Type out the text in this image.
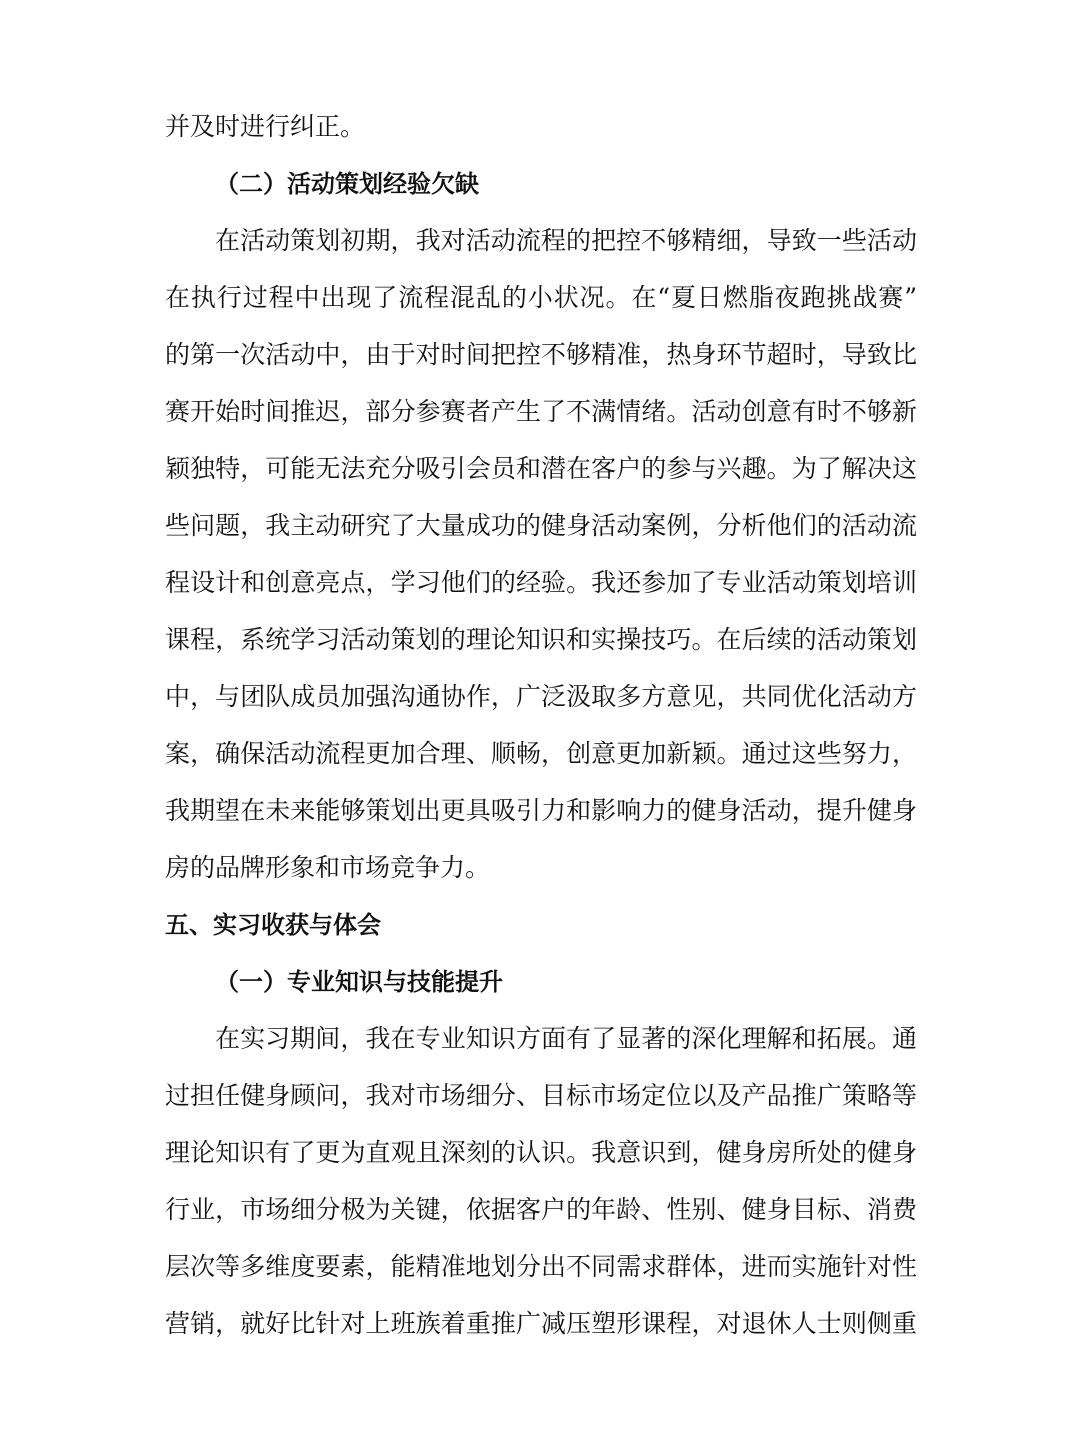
并及时进行纠正。
（二）活动策划经验欠缺
在活动策划初期，我对活动流程的把控不够精细，导致一些活动
在执行过程中出现了流程混乱的小状况。在“夏日燃脂夜跑挑战赛”
的第一次活动中，由于对时间把控不够精准，热身环节超时，导致比
赛开始时间推迟，部分参赛者产生了不满情绪。活动创意有时不够新
颖独特，可能无法充分吸引会员和潜在客户的参与兴趣。为了解决这
些问题，我主动研究了大量成功的健身活动案例，分析他们的活动流
程设计和创意亮点，学习他们的经验。我还参加了专业活动策划培训
课程，系统学习活动策划的理论知识和实操技巧。在后续的活动策划
中，与团队成员加强沟通协作，广泛汲取多方意见，共同优化活动方
案，确保活动流程更加合理、顺畅，创意更加新颖。通过这些努力，
我期望在未来能够策划出更具吸引力和影响力的健身活动，提升健身
房的品牌形象和市场竞争力。
五、实习收获与体会
（一）专业知识与技能提升
在实习期间，我在专业知识方面有了显著的深化理解和拓展。通
过担任健身顾问，我对市场细分、目标市场定位以及产品推广策略等
理论知识有了更为直观且深刻的认识。我意识到，健身房所处的健身
行业，市场细分极为关键，依据客户的年龄、性别、健身目标、消费
层次等多维度要素，能精准地划分出不同需求群体，进而实施针对性
营销，就好比针对上班族着重推广减压塑形课程，对退休人士则侧重
